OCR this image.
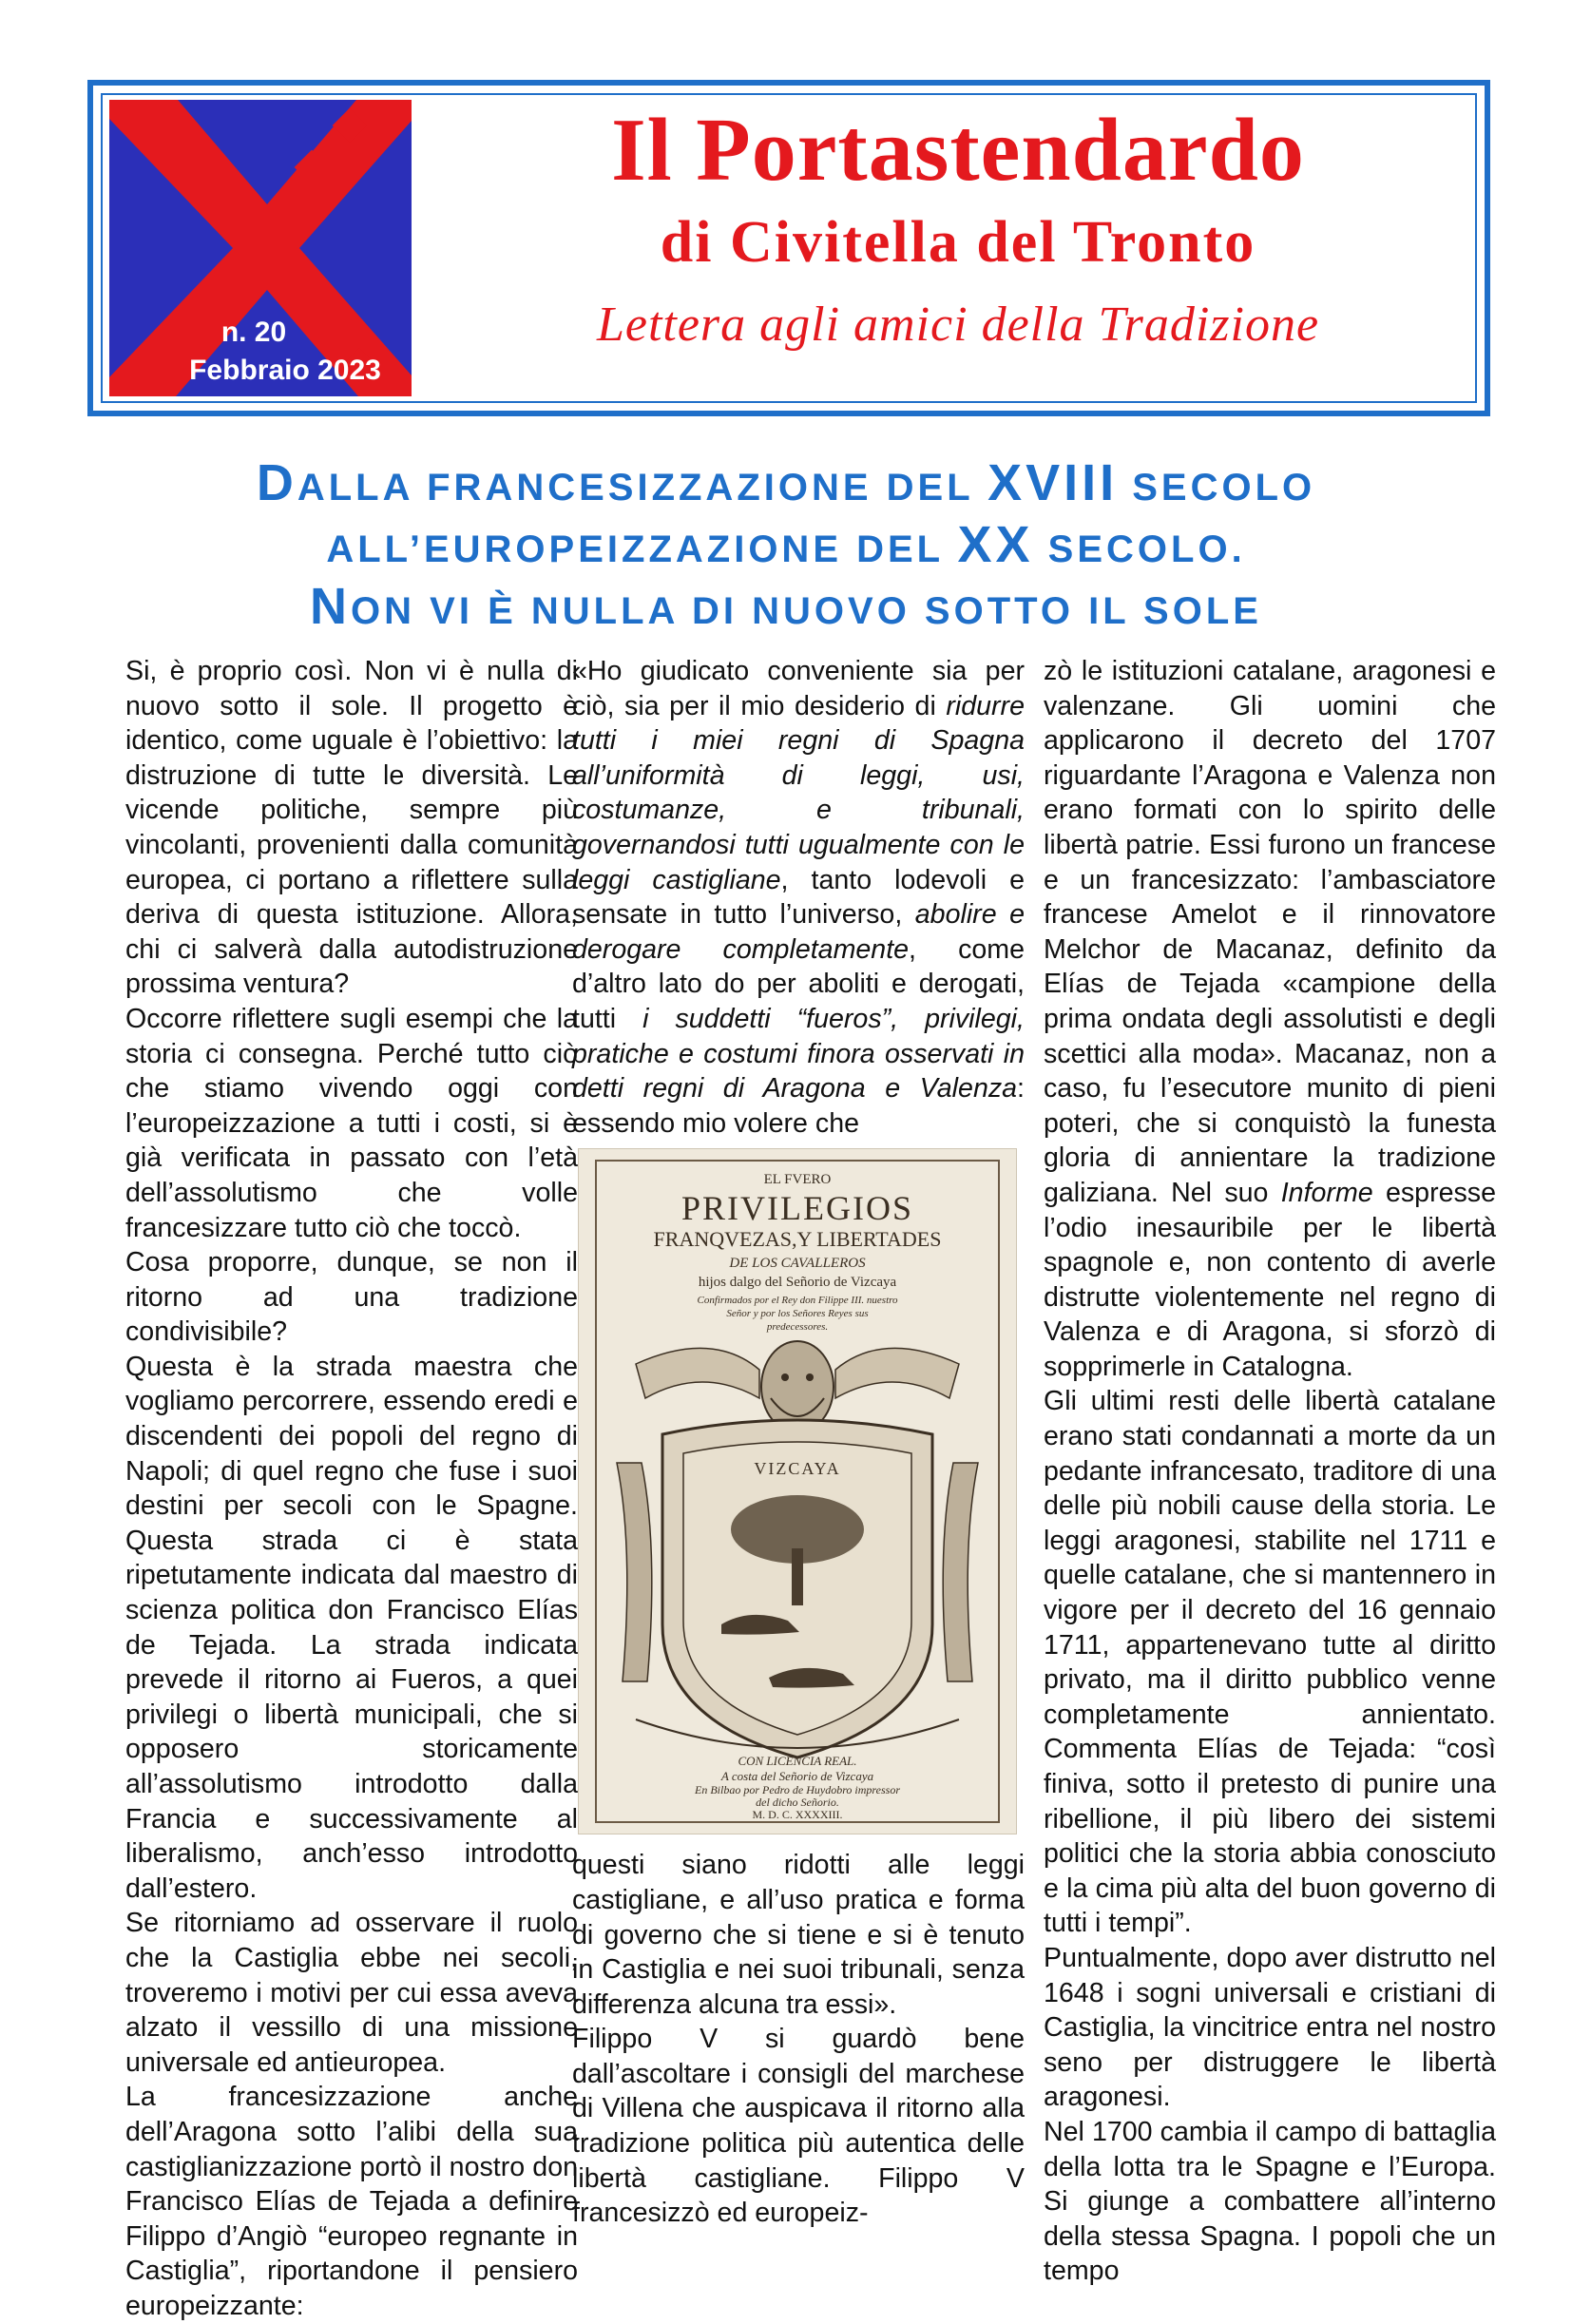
n. 20
Febbraio 2023
Il Portastendardo
di Civitella del Tronto
Lettera agli amici della Tradizione
DALLA FRANCESIZZAZIONE DEL XVIII SECOLO
ALL’EUROPEIZZAZIONE DEL XX SECOLO.
NON VI È NULLA DI NUOVO SOTTO IL SOLE

Si, è proprio così. Non vi è nulla di nuovo sotto il sole. Il progetto è identico, come uguale è l’obiettivo: la distruzione di tutte le diversità. Le vicende politiche, sempre più vincolanti, provenienti dalla comunità europea, ci portano a riflettere sulla deriva di questa istituzione. Allora, chi ci salverà dalla autodistruzione prossima ventura?

Occorre riflettere sugli esempi che la storia ci consegna. Perché tutto ciò che stiamo vivendo oggi con l’europeizzazione a tutti i costi, si è già verificata in passato con l’età dell’assolutismo che volle francesizzare tutto ciò che toccò.

Cosa proporre, dunque, se non il ritorno ad una tradizione condivisibile?

Questa è la strada maestra che vogliamo percorrere, essendo eredi e discendenti dei popoli del regno di Napoli; di quel regno che fuse i suoi destini per secoli con le Spagne. Questa strada ci è stata ripetutamente indicata dal maestro di scienza politica don Francisco Elías de Tejada. La strada indicata prevede il ritorno ai Fueros, a quei privilegi o libertà municipali, che si opposero storicamente all’assolutismo introdotto dalla Francia e successivamente al liberalismo, anch’esso introdotto dall’estero.

Se ritorniamo ad osservare il ruolo che la Castiglia ebbe nei secoli, troveremo i motivi per cui essa aveva alzato il vessillo di una missione universale ed antieuropea.

La francesizzazione anche dell’Aragona sotto l’alibi della sua castiglianizzazione portò il nostro don Francisco Elías de Tejada a definire Filippo d’Angiò “europeo regnante in Castiglia”, riportandone il pensiero europeizzante:

«Ho giudicato conveniente sia per ciò, sia per il mio desiderio di ridurre tutti i miei regni di Spagna all’uniformità di leggi, usi, costumanze, e tribunali, governandosi tutti ugualmente con le leggi castigliane, tanto lodevoli e sensate in tutto l’universo, abolire e derogare completamente, come d’altro lato do per aboliti e derogati, tutti i suddetti “fueros”, privilegi, pratiche e costumi finora osservati in detti regni di Aragona e Valenza: essendo mio volere che

EL FVERO
PRIVILEGIOS
FRANQVEZAS,Y LIBERTADES
DE LOS CAVALLEROS
hijos dalgo del Señorio de Vizcaya
Confirmados por el Rey don Filippe III. nuestro
Señor y por los Señores Reyes sus
predecessores.
VIZCAYA
CON LICENCIA REAL.
A costa del Señorio de Vizcaya
En Bilbao por Pedro de Huydobro impressor
del dicho Señorio.
M. D. C. XXXXIII.

questi siano ridotti alle leggi castigliane, e all’uso pratica e forma di governo che si tiene e si è tenuto in Castiglia e nei suoi tribunali, senza differenza alcuna tra essi».

Filippo V si guardò bene dall’ascoltare i consigli del marchese di Villena che auspicava il ritorno alla tradizione politica più autentica delle libertà castigliane. Filippo V francesizzò ed europeiz-

zò le istituzioni catalane, aragonesi e valenzane. Gli uomini che applicarono il decreto del 1707 riguardante l’Aragona e Valenza non erano formati con lo spirito delle libertà patrie. Essi furono un francese e un francesizzato: l’ambasciatore francese Amelot e il rinnovatore Melchor de Macanaz, definito da Elías de Tejada «campione della prima ondata degli assolutisti e degli scettici alla moda». Macanaz, non a caso, fu l’esecutore munito di pieni poteri, che si conquistò la funesta gloria di annientare la tradizione galiziana. Nel suo Informe espresse l’odio inesauribile per le libertà spagnole e, non contento di averle distrutte violentemente nel regno di Valenza e di Aragona, si sforzò di sopprimerle in Catalogna.

Gli ultimi resti delle libertà catalane erano stati condannati a morte da un pedante infrancesato, traditore di una delle più nobili cause della storia. Le leggi aragonesi, stabilite nel 1711 e quelle catalane, che si mantennero in vigore per il decreto del 16 gennaio 1711, appartenevano tutte al diritto privato, ma il diritto pubblico venne completamente annientato. Commenta Elías de Tejada: “così finiva, sotto il pretesto di punire una ribellione, il più libero dei sistemi politici che la storia abbia conosciuto e la cima più alta del buon governo di tutti i tempi”.

Puntualmente, dopo aver distrutto nel 1648 i sogni universali e cristiani di Castiglia, la vincitrice entra nel nostro seno per distruggere le libertà aragonesi.

Nel 1700 cambia il campo di battaglia della lotta tra le Spagne e l’Europa. Si giunge a combattere all’interno della stessa Spagna. I popoli che un tempo
